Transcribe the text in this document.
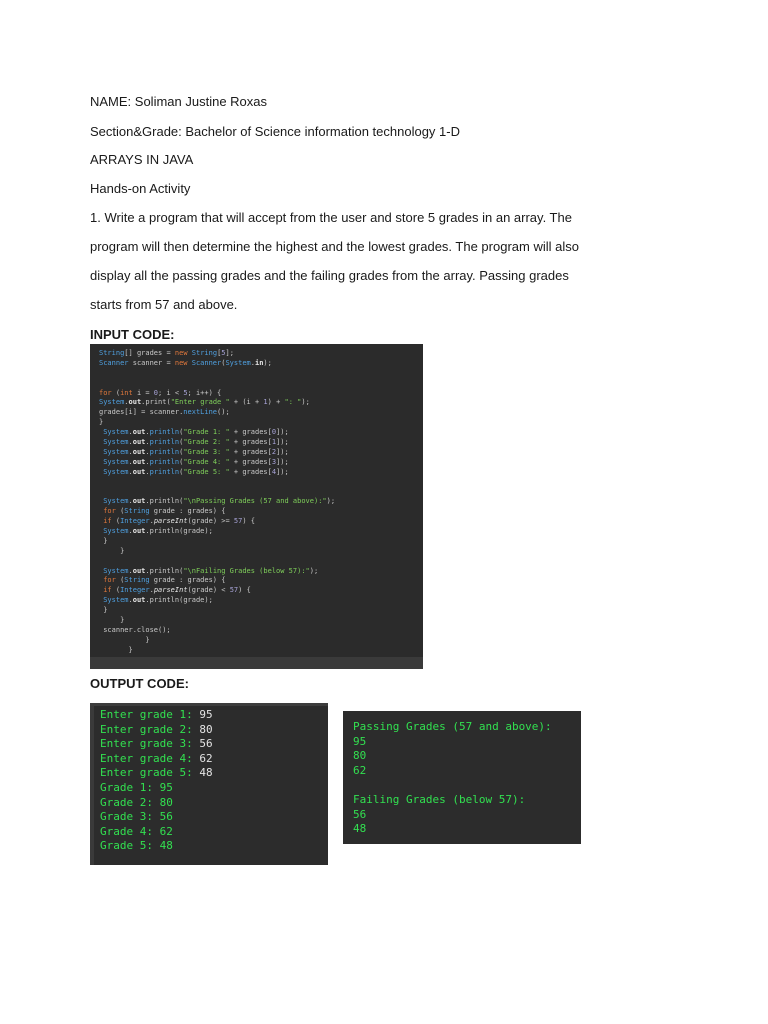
NAME: Soliman Justine Roxas
Section&Grade: Bachelor of Science information technology 1-D
ARRAYS IN JAVA
Hands-on Activity
1. Write a program that will accept from the user and store 5 grades in an array. The
program will then determine the highest and the lowest grades. The program will also
display all the passing grades and the failing grades from the array. Passing grades
starts from 57 and above.
INPUT CODE:
String[] grades = new String[5];
Scanner scanner = new Scanner(System.in);

for (int i = 0; i < 5; i++) {
System.out.print("Enter grade " + (i + 1) + ": ");
grades[i] = scanner.nextLine();
}
System.out.println("Grade 1: " + grades[0]);
System.out.println("Grade 2: " + grades[1]);
System.out.println("Grade 3: " + grades[2]);
System.out.println("Grade 4: " + grades[3]);
System.out.println("Grade 5: " + grades[4]);

System.out.println("\nPassing Grades (57 and above):");
for (String grade : grades) {
if (Integer.parseInt(grade) >= 57) {
System.out.println(grade);
}
}

System.out.println("\nFailing Grades (below 57):");
for (String grade : grades) {
if (Integer.parseInt(grade) < 57) {
System.out.println(grade);
}
}
scanner.close();
}
}
OUTPUT CODE:
Enter grade 1: 95
Enter grade 2: 80
Enter grade 3: 56
Enter grade 4: 62
Enter grade 5: 48
Grade 1: 95
Grade 2: 80
Grade 3: 56
Grade 4: 62
Grade 5: 48
Passing Grades (57 and above):
95
80
62

Failing Grades (below 57):
56
48
